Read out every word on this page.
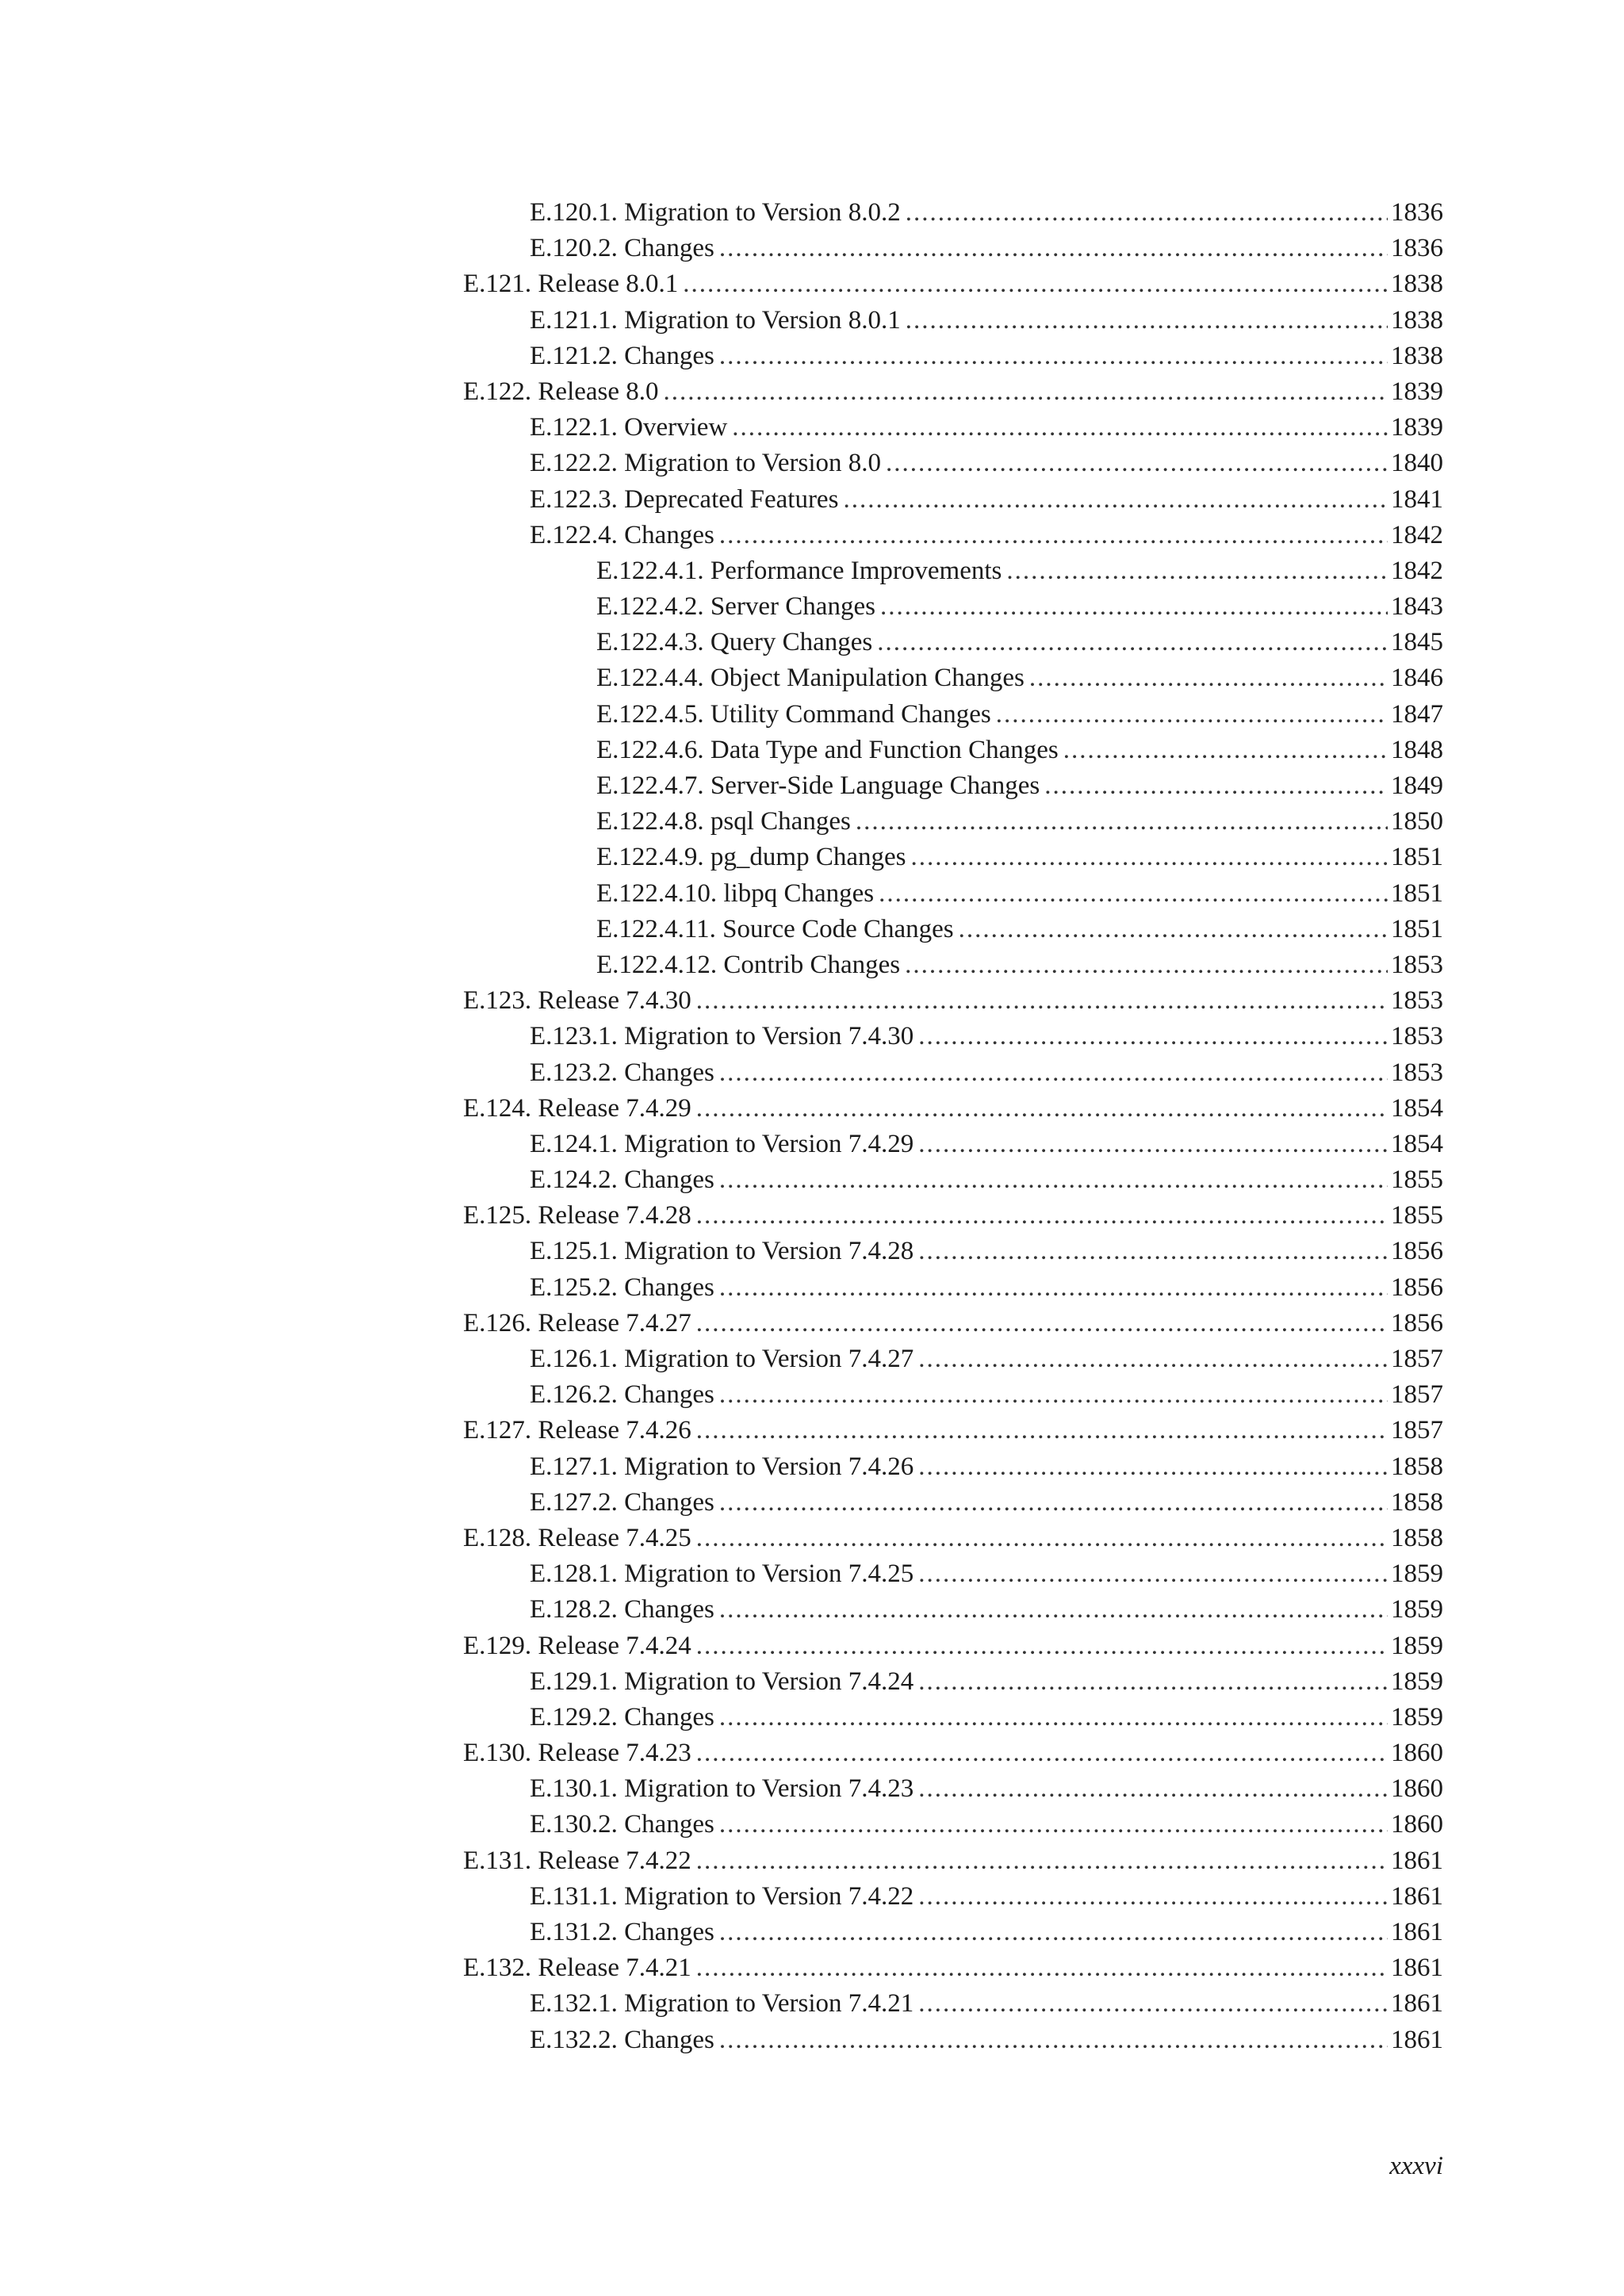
E.120.1. Migration to Version 8.0.2 .....	1836
E.120.2. Changes .....	1836
E.121. Release 8.0.1 .....	1838
E.121.1. Migration to Version 8.0.1 .....	1838
E.121.2. Changes .....	1838
E.122. Release 8.0 .....	1839
E.122.1. Overview .....	1839
E.122.2. Migration to Version 8.0 .....	1840
E.122.3. Deprecated Features .....	1841
E.122.4. Changes .....	1842
E.122.4.1. Performance Improvements .....	1842
E.122.4.2. Server Changes .....	1843
E.122.4.3. Query Changes .....	1845
E.122.4.4. Object Manipulation Changes .....	1846
E.122.4.5. Utility Command Changes .....	1847
E.122.4.6. Data Type and Function Changes .....	1848
E.122.4.7. Server-Side Language Changes .....	1849
E.122.4.8. psql Changes .....	1850
E.122.4.9. pg_dump Changes .....	1851
E.122.4.10. libpq Changes .....	1851
E.122.4.11. Source Code Changes .....	1851
E.122.4.12. Contrib Changes .....	1853
E.123. Release 7.4.30 .....	1853
E.123.1. Migration to Version 7.4.30 .....	1853
E.123.2. Changes .....	1853
E.124. Release 7.4.29 .....	1854
E.124.1. Migration to Version 7.4.29 .....	1854
E.124.2. Changes .....	1855
E.125. Release 7.4.28 .....	1855
E.125.1. Migration to Version 7.4.28 .....	1856
E.125.2. Changes .....	1856
E.126. Release 7.4.27 .....	1856
E.126.1. Migration to Version 7.4.27 .....	1857
E.126.2. Changes .....	1857
E.127. Release 7.4.26 .....	1857
E.127.1. Migration to Version 7.4.26 .....	1858
E.127.2. Changes .....	1858
E.128. Release 7.4.25 .....	1858
E.128.1. Migration to Version 7.4.25 .....	1859
E.128.2. Changes .....	1859
E.129. Release 7.4.24 .....	1859
E.129.1. Migration to Version 7.4.24 .....	1859
E.129.2. Changes .....	1859
E.130. Release 7.4.23 .....	1860
E.130.1. Migration to Version 7.4.23 .....	1860
E.130.2. Changes .....	1860
E.131. Release 7.4.22 .....	1861
E.131.1. Migration to Version 7.4.22 .....	1861
E.131.2. Changes .....	1861
E.132. Release 7.4.21 .....	1861
E.132.1. Migration to Version 7.4.21 .....	1861
E.132.2. Changes .....	1861
xxxvi
